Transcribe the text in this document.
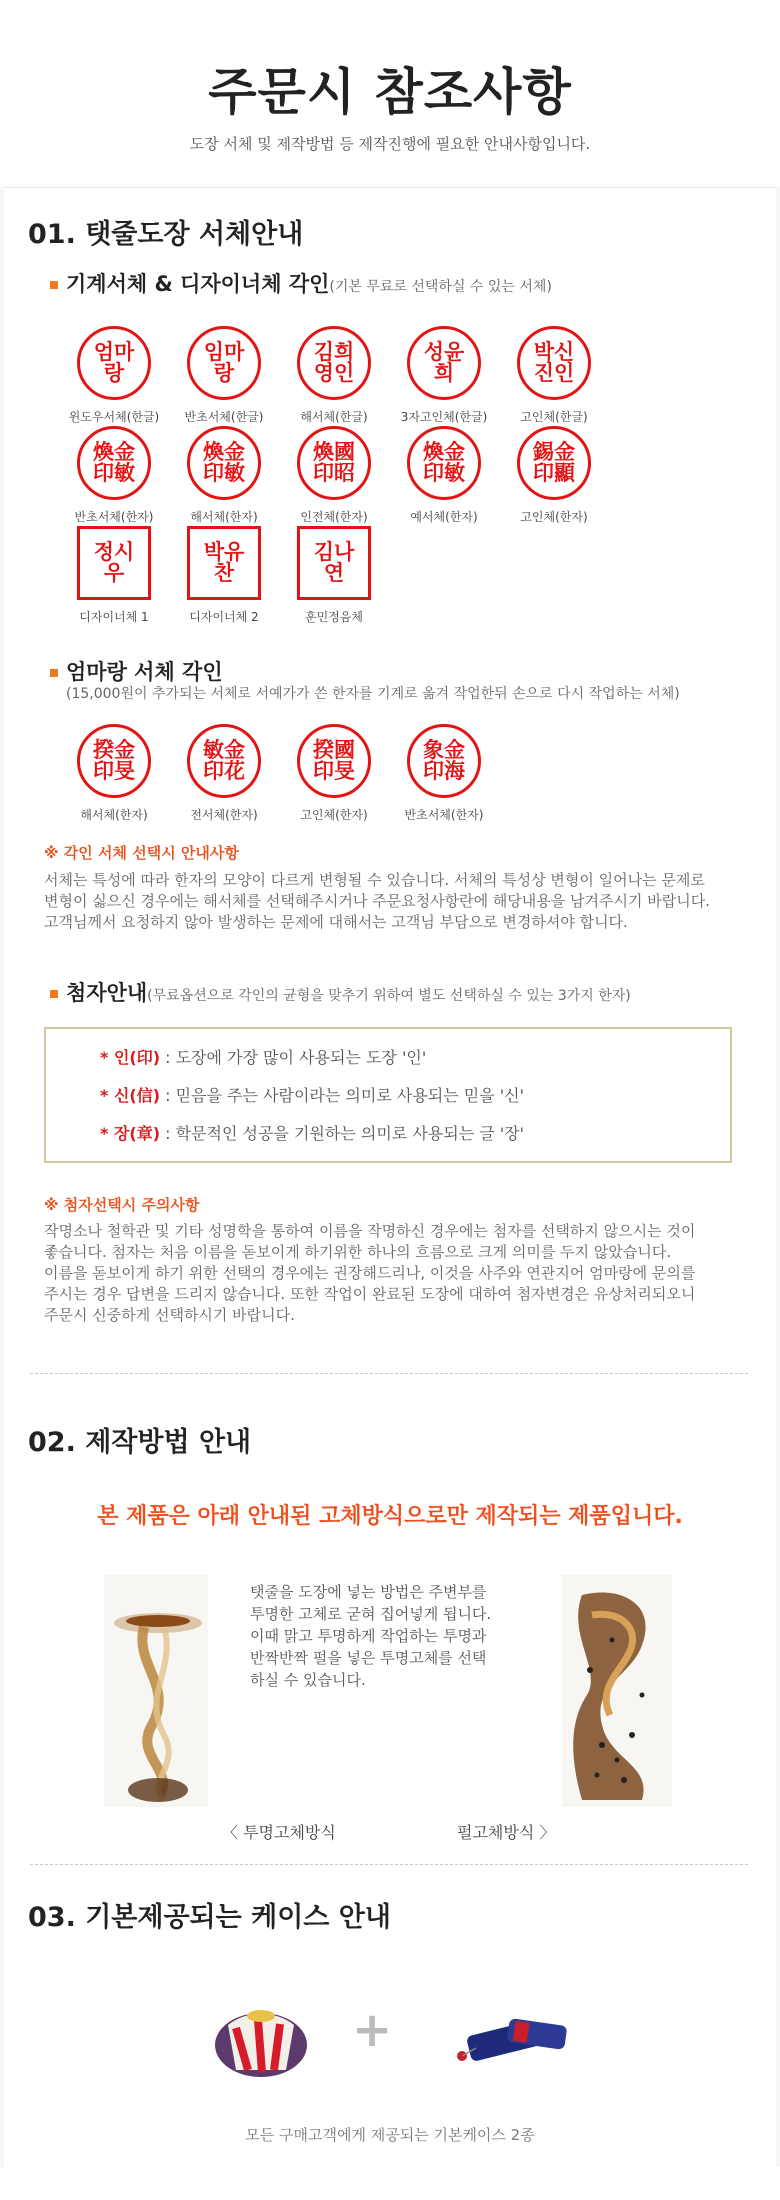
주문시 참조사항
도장 서체 및 제작방법 등 제작진행에 필요한 안내사항입니다.
01. 탯줄도장 서체안내
기계서체 & 디자이너체 각인(기본 무료로 선택하실 수 있는 서체)
엄마
랑
윈도우서체(한글)
임마
랑
반초서체(한글)
김희
영인
해서체(한글)
성윤
희
3자고인체(한글)
박신
진인
고인체(한글)
煥金
印敏
반초서체(한자)
煥金
印敏
해서체(한자)
煥國
印昭
인전체(한자)
煥金
印敏
예서체(한자)
錫金
印顯
고인체(한자)
정시
우
디자이너체 1
박유
찬
디자이너체 2
김나
연
훈민정음체
엄마랑 서체 각인
(15,000원이 추가되는 서체로 서예가가 쓴 한자를 기계로 옮겨 작업한뒤 손으로 다시 작업하는 서체)
揆金
印旻
해서체(한자)
敏金
印花
전서체(한자)
揆國
印旻
고인체(한자)
象金
印海
반초서체(한자)
※ 각인 서체 선택시 안내사항
서체는 특성에 따라 한자의 모양이 다르게 변형될 수 있습니다. 서체의 특성상 변형이 일어나는 문제로
변형이 싫으신 경우에는 해서체를 선택해주시거나 주문요청사항란에 해당내용을 남겨주시기 바랍니다.
고객님께서 요청하지 않아 발생하는 문제에 대해서는 고객님 부담으로 변경하셔야 합니다.
첨자안내(무료옵션으로 각인의 균형을 맞추기 위하여 별도 선택하실 수 있는 3가지 한자)
* 인(印) : 도장에 가장 많이 사용되는 도장 '인'
* 신(信) : 믿음을 주는 사람이라는 의미로 사용되는 믿을 '신'
* 장(章) : 학문적인 성공을 기원하는 의미로 사용되는 글 '장'
※ 첨자선택시 주의사항
작명소나 철학관 및 기타 성명학을 통하여 이름을 작명하신 경우에는 첨자를 선택하지 않으시는 것이
좋습니다. 첨자는 처음 이름을 돋보이게 하기위한 하나의 흐름으로 크게 의미를 두지 않았습니다.
이름을 돋보이게 하기 위한 선택의 경우에는 권장해드리나, 이것을 사주와 연관지어 엄마랑에 문의를
주시는 경우 답변을 드리지 않습니다. 또한 작업이 완료된 도장에 대하여 첨자변경은 유상처리되오니
주문시 신중하게 선택하시기 바랍니다.
02. 제작방법 안내
본 제품은 아래 안내된 고체방식으로만 제작되는 제품입니다.
〈 투명고체방식
탯줄을 도장에 넣는 방법은 주변부를
투명한 고체로 굳혀 집어넣게 됩니다.
이때 맑고 투명하게 작업하는 투명과
반짝반짝 펄을 넣은 투명고체를 선택
하실 수 있습니다.
펄고체방식 〉
03. 기본제공되는 케이스 안내
+
모든 구매고객에게 제공되는 기본케이스 2종
